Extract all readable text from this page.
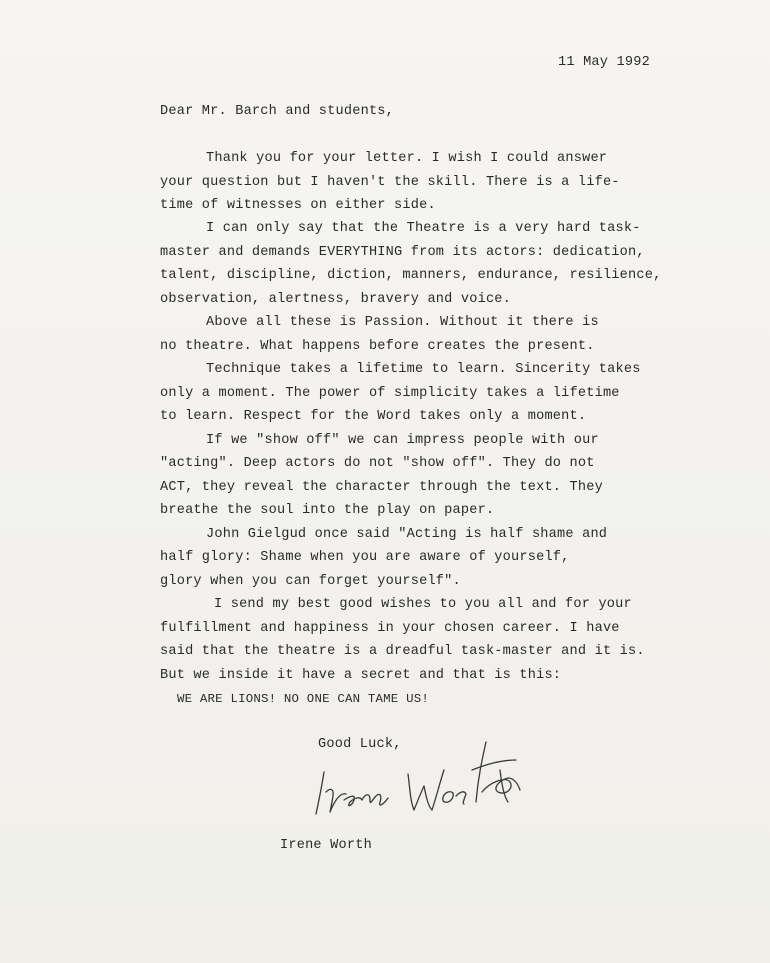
11 May 1992
Dear Mr. Barch and students,
Thank you for your letter. I wish I could answer
your question but I haven't the skill. There is a life-
time of witnesses on either side.
I can only say that the Theatre is a very hard task-
master and demands EVERYTHING from its actors: dedication,
talent, discipline, diction, manners, endurance, resilience,
observation, alertness, bravery and voice.
Above all these is Passion. Without it there is
no theatre. What happens before creates the present.
Technique takes a lifetime to learn. Sincerity takes
only a moment. The power of simplicity takes a lifetime
to learn. Respect for the Word takes only a moment.
If we "show off" we can impress people with our
"acting". Deep actors do not "show off". They do not
ACT, they reveal the character through the text. They
breathe the soul into the play on paper.
John Gielgud once said "Acting is half shame and
half glory: Shame when you are aware of yourself,
glory when you can forget yourself".
I send my best good wishes to you all and for your
fulfillment and happiness in your chosen career. I have
said that the theatre is a dreadful task-master and it is.
But we inside it have a secret and that is this:
WE ARE LIONS! NO ONE CAN TAME US!
Good Luck,
Irene Worth
